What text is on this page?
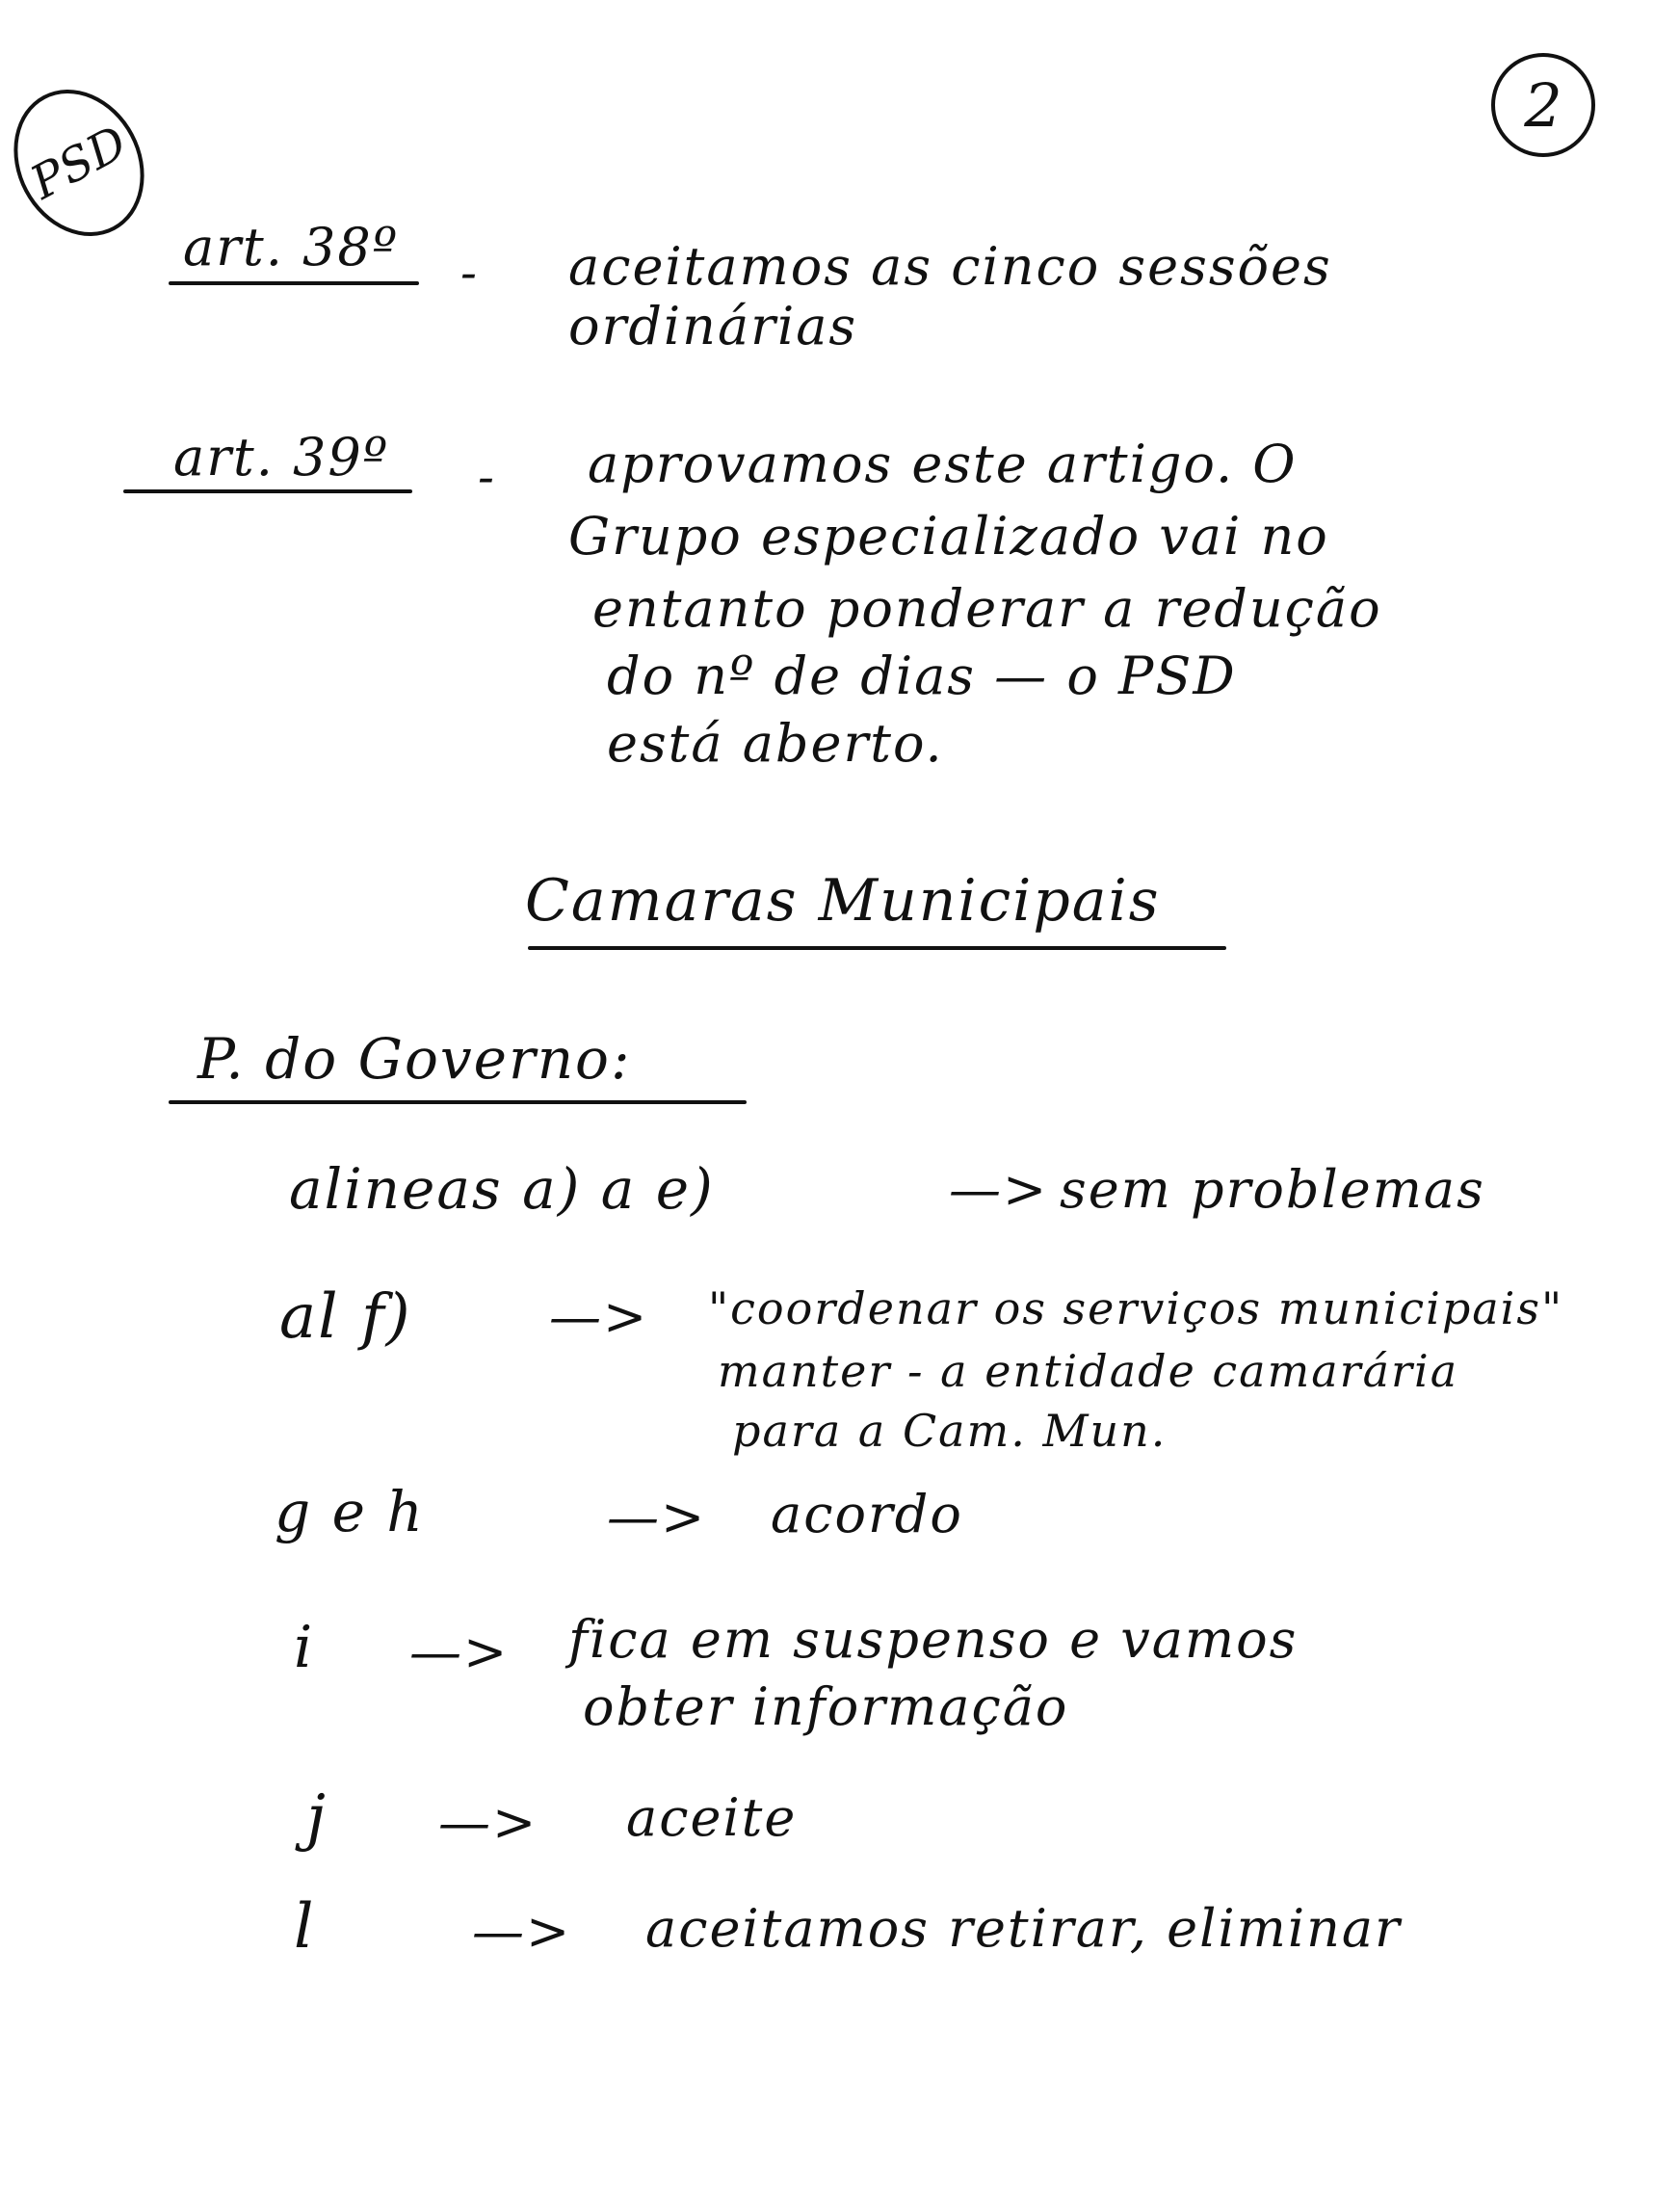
PSD
2
art. 38º - aceitamos as cinco sessões
ordinárias
art. 39º - aprovamos este artigo. O
Grupo especializado vai no
entanto ponderar a redução
do nº de dias — o PSD
está aberto.
Camaras Municipais
P. do Governo:
alineas a) a e)	—> sem problemas
al f)	—> "coordenar os serviços municipais"
manter - a entidade camarária
para a Cam. Mun.
g e h	—> acordo
i —> fica em suspenso e vamos
obter informação
j —> aceite
l	—> aceitamos retirar, eliminar
